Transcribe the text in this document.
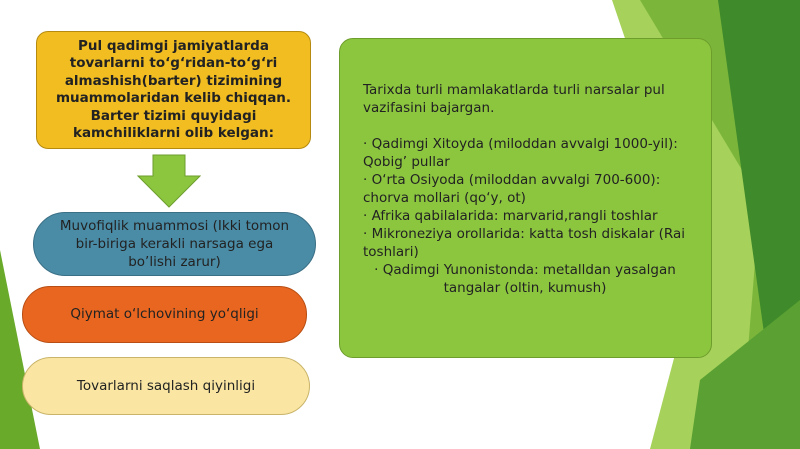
Pul qadimgi jamiyatlarda tovarlarni to‘g‘ridan-to‘g‘ri almashish(barter) tizimining muammolaridan kelib chiqqan. Barter tizimi quyidagi kamchiliklarni olib kelgan:
Muvofiqlik muammosi (Ikki tomon bir-biriga kerakli narsaga ega bo’lishi zarur)
Qiymat o‘lchovining yo‘qligi
Tovarlarni saqlash qiyinligi

Tarixda turli mamlakatlarda turli narsalar pul vazifasini bajargan.

· Qadimgi Xitoyda (miloddan avvalgi 1000-yil): Qobig’ pullar

· O‘rta Osiyoda (miloddan avvalgi 700-600): chorva mollari (qo‘y, ot)

· Afrika qabilalarida: marvarid,rangli toshlar

· Mikroneziya orollarida: katta tosh diskalar (Rai toshlari)

· Qadimgi Yunonistonda: metalldan yasalgan tangalar (oltin, kumush)
